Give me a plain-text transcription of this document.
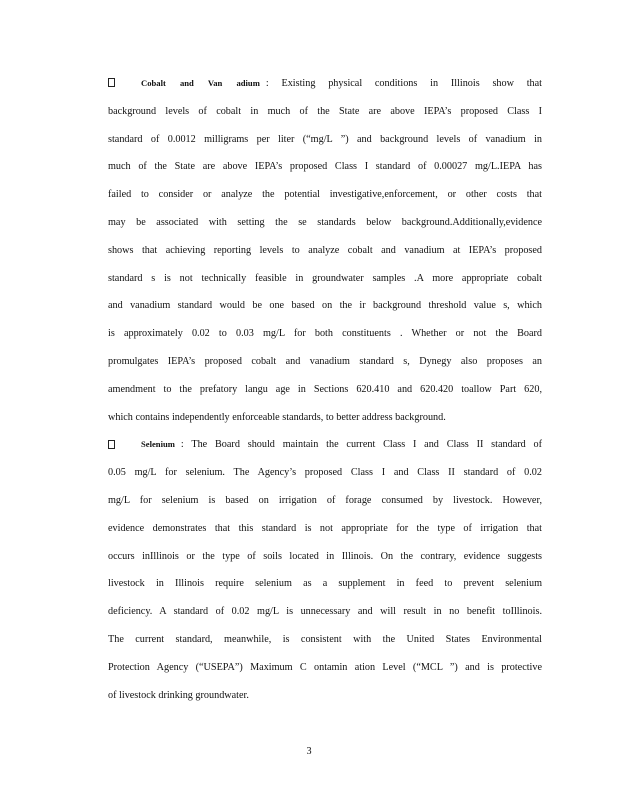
Cobalt and Van adium : Existing physical conditions in Illinois show that
background levels of cobalt in much of the State are above IEPA’s proposed Class I
standard of 0.0012 milligrams per liter (“mg/L ”) and background levels of vanadium in
much of the State are above IEPA’s proposed Class I standard of 0.00027 mg/L.IEPA has
failed to consider or analyze the potential investigative,enforcement, or other costs that
may be associated with setting the se standards below background.Additionally,evidence
shows that achieving reporting levels to analyze cobalt and vanadium at IEPA’s proposed
standard s is not technically feasible in groundwater samples .A more appropriate cobalt
and vanadium standard would be one based on the ir background threshold value s, which
is approximately 0.02 to 0.03 mg/L for both constituents . Whether or not the Board
promulgates IEPA’s proposed cobalt and vanadium standard s, Dynegy also proposes an
amendment to the prefatory langu age in Sections 620.410 and 620.420 toallow Part 620,
which contains independently enforceable standards, to better address background.
Selenium : The Board should maintain the current Class I and Class II standard of
0.05 mg/L for selenium. The Agency’s proposed Class I and Class II standard of 0.02
mg/L for selenium is based on irrigation of forage consumed by livestock. However,
evidence demonstrates that this standard is not appropriate for the type of irrigation that
occurs inIllinois or the type of soils located in Illinois. On the contrary, evidence suggests
livestock in Illinois require selenium as a supplement in feed to prevent selenium
deficiency. A standard of 0.02 mg/L is unnecessary and will result in no benefit toIllinois.
The current standard, meanwhile, is consistent with the United States Environmental
Protection Agency (“USEPA”) Maximum C ontamin ation Level (“MCL ”) and is protective
of livestock drinking groundwater.
3
